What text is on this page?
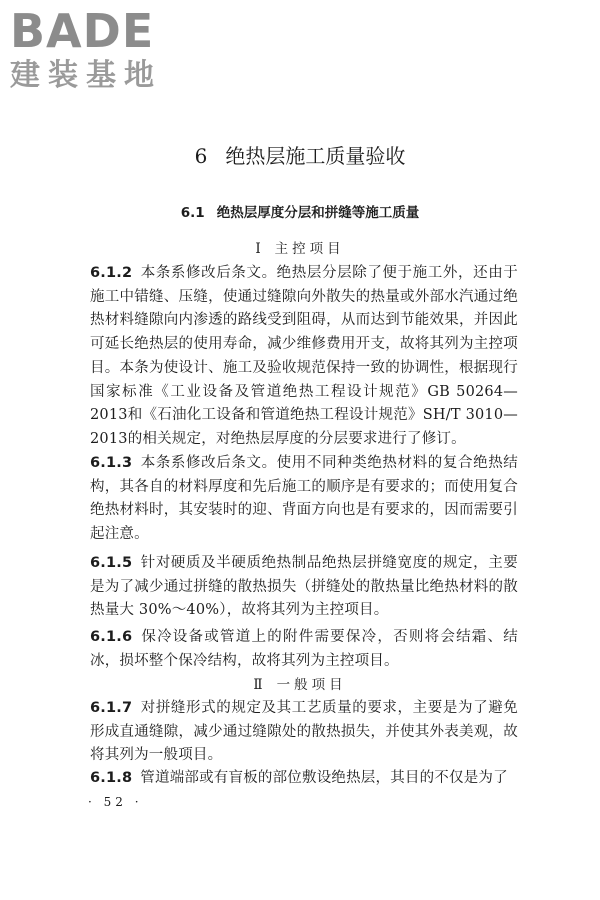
BADE
建装基地
6 绝热层施工质量验收
6.1 绝热层厚度分层和拼缝等施工质量
Ⅰ 主控项目
6.1.2 本条系修改后条文。绝热层分层除了便于施工外，还由于施工中错缝、压缝，使通过缝隙向外散失的热量或外部水汽通过绝热材料缝隙向内渗透的路线受到阻碍，从而达到节能效果，并因此可延长绝热层的使用寿命，减少维修费用开支，故将其列为主控项目。本条为使设计、施工及验收规范保持一致的协调性，根据现行国家标准《工业设备及管道绝热工程设计规范》GB 50264—2013和《石油化工设备和管道绝热工程设计规范》SH/T 3010—2013的相关规定，对绝热层厚度的分层要求进行了修订。
6.1.3 本条系修改后条文。使用不同种类绝热材料的复合绝热结构，其各自的材料厚度和先后施工的顺序是有要求的；而使用复合绝热材料时，其安装时的迎、背面方向也是有要求的，因而需要引起注意。
6.1.5 针对硬质及半硬质绝热制品绝热层拼缝宽度的规定，主要是为了减少通过拼缝的散热损失（拼缝处的散热量比绝热材料的散热量大 30%～40%），故将其列为主控项目。
6.1.6 保冷设备或管道上的附件需要保冷，否则将会结霜、结冰，损坏整个保冷结构，故将其列为主控项目。
Ⅱ 一般项目
6.1.7 对拼缝形式的规定及其工艺质量的要求，主要是为了避免形成直通缝隙，减少通过缝隙处的散热损失，并使其外表美观，故将其列为一般项目。
6.1.8 管道端部或有盲板的部位敷设绝热层，其目的不仅是为了
· 52 ·
